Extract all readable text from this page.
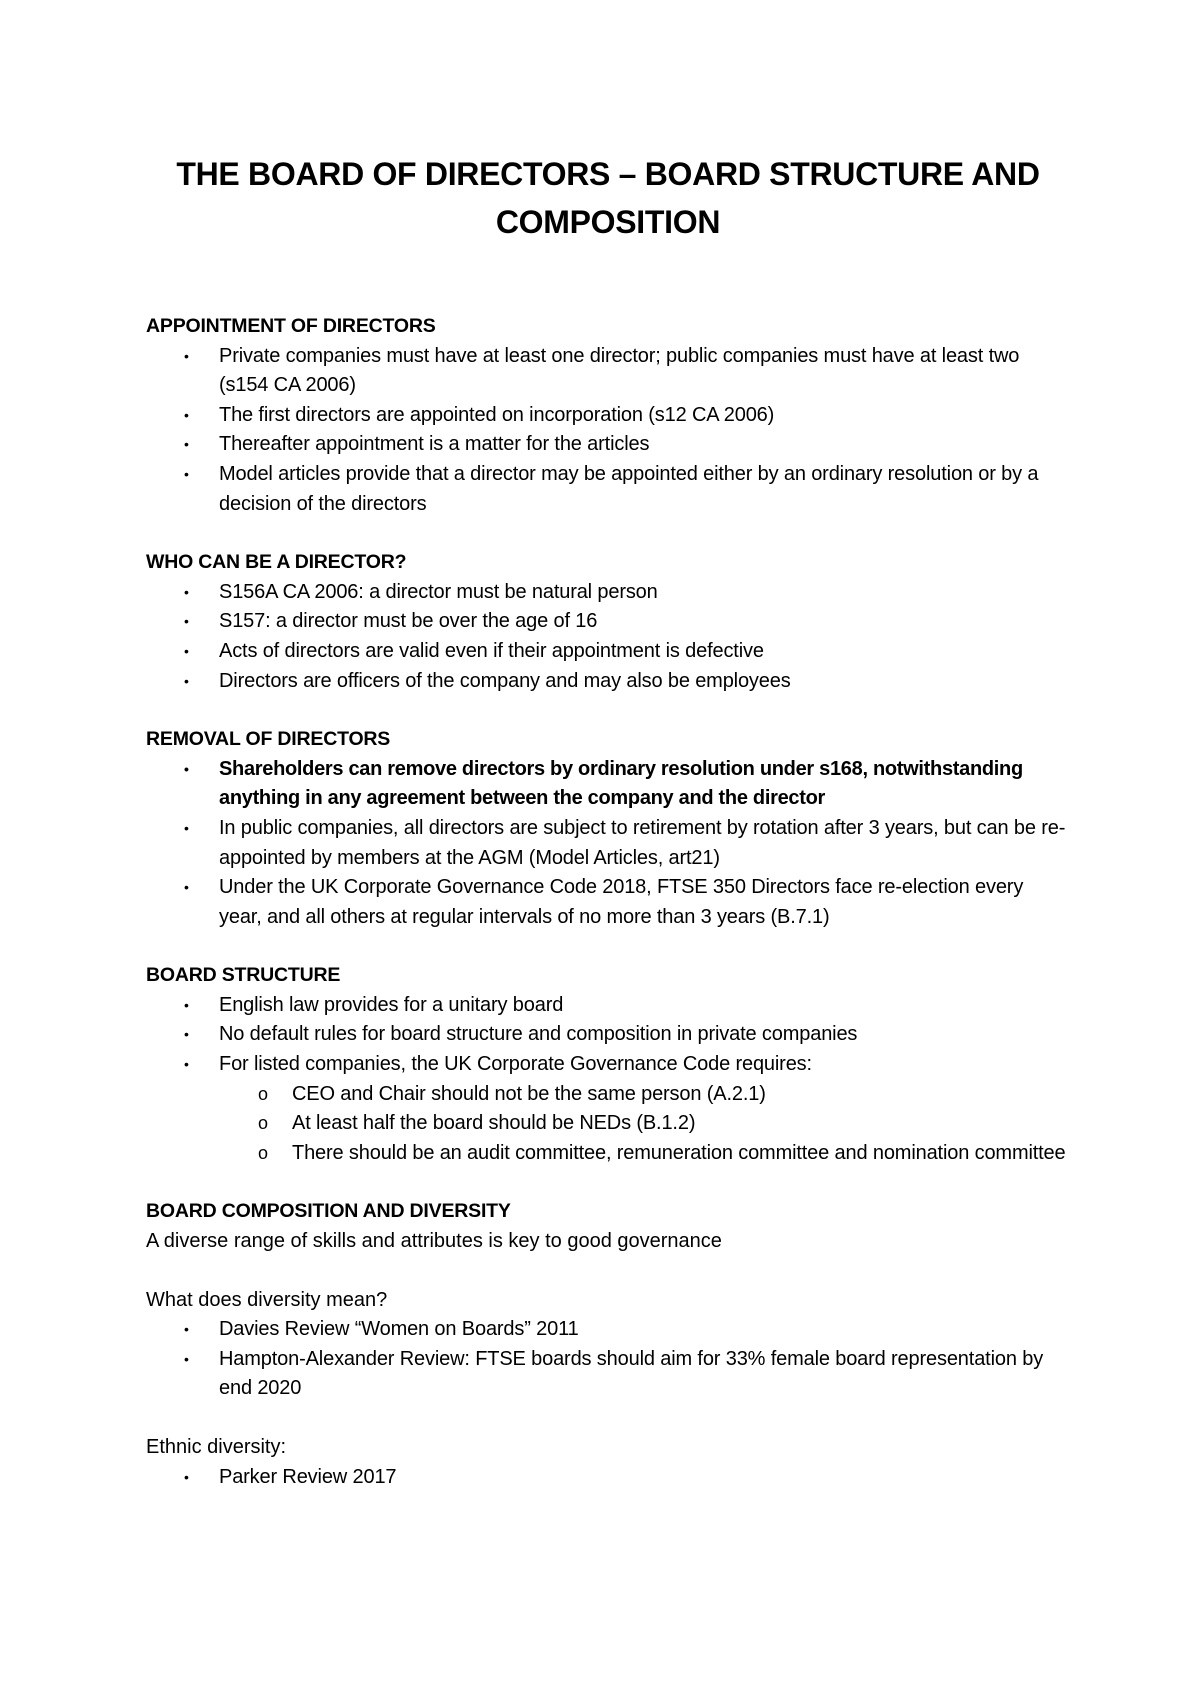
THE BOARD OF DIRECTORS – BOARD STRUCTURE AND COMPOSITION
APPOINTMENT OF DIRECTORS
• Private companies must have at least one director; public companies must have at least two (s154 CA 2006)
• The first directors are appointed on incorporation (s12 CA 2006)
• Thereafter appointment is a matter for the articles
• Model articles provide that a director may be appointed either by an ordinary resolution or by a decision of the directors
WHO CAN BE A DIRECTOR?
• S156A CA 2006: a director must be natural person
• S157: a director must be over the age of 16
• Acts of directors are valid even if their appointment is defective
• Directors are officers of the company and may also be employees
REMOVAL OF DIRECTORS
• Shareholders can remove directors by ordinary resolution under s168, notwithstanding anything in any agreement between the company and the director
• In public companies, all directors are subject to retirement by rotation after 3 years, but can be re-appointed by members at the AGM (Model Articles, art21)
• Under the UK Corporate Governance Code 2018, FTSE 350 Directors face re-election every year, and all others at regular intervals of no more than 3 years (B.7.1)
BOARD STRUCTURE
• English law provides for a unitary board
• No default rules for board structure and composition in private companies
• For listed companies, the UK Corporate Governance Code requires:
o CEO and Chair should not be the same person (A.2.1)
o At least half the board should be NEDs (B.1.2)
o There should be an audit committee, remuneration committee and nomination committee
BOARD COMPOSITION AND DIVERSITY

A diverse range of skills and attributes is key to good governance

What does diversity mean?

• Davies Review “Women on Boards” 2011
• Hampton-Alexander Review: FTSE boards should aim for 33% female board representation by end 2020

Ethnic diversity:

• Parker Review 2017
